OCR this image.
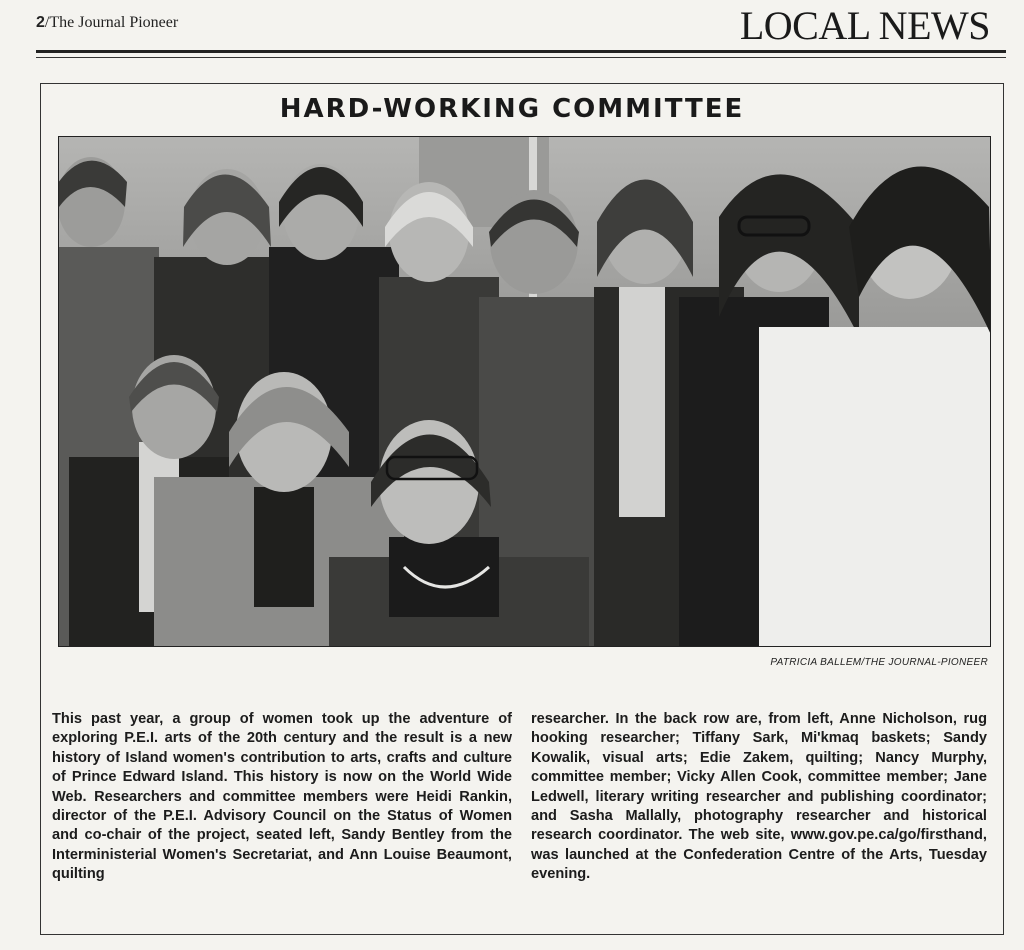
2/The Journal Pioneer	LOCAL NEWS
HARD-WORKING COMMITTEE
PATRICIA BALLEM/THE JOURNAL-PIONEER

This past year, a group of women took up the adventure of exploring P.E.I. arts of the 20th century and the result is a new history of Island women's contribution to arts, crafts and culture of Prince Edward Island. This history is now on the World Wide Web. Researchers and committee members were Heidi Rankin, director of the P.E.I. Advisory Council on the Status of Women and co-chair of the project, seated left, Sandy Bentley from the Interministerial Women's Secretariat, and Ann Louise Beaumont, quilting

researcher. In the back row are, from left, Anne Nicholson, rug hooking researcher; Tiffany Sark, Mi'kmaq baskets; Sandy Kowalik, visual arts; Edie Zakem, quilting; Nancy Murphy, committee member; Vicky Allen Cook, committee member; Jane Ledwell, literary writing researcher and publishing coordinator; and Sasha Mallally, photography researcher and historical research coordinator. The web site, www.gov.pe.ca/go/firsthand, was launched at the Confederation Centre of the Arts, Tuesday evening.
